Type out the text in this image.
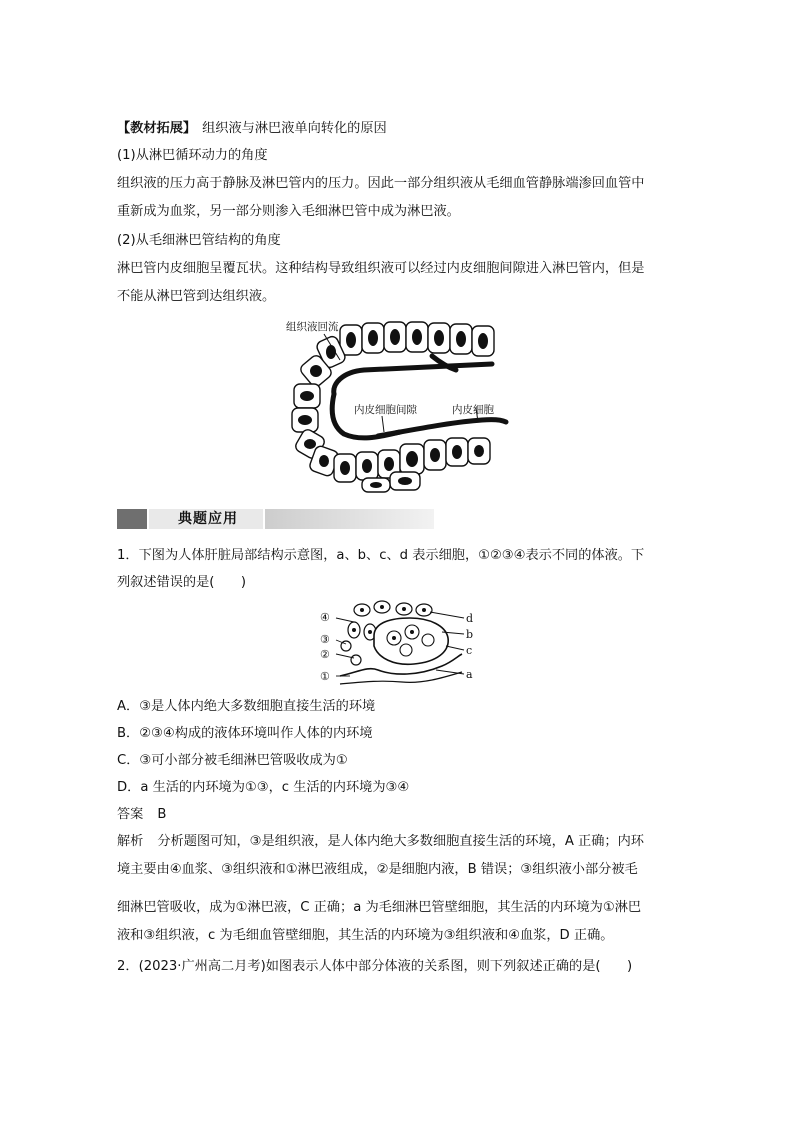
【教材拓展】 组织液与淋巴液单向转化的原因
(1)从淋巴循环动力的角度
组织液的压力高于静脉及淋巴管内的压力。因此一部分组织液从毛细血管静脉端渗回血管中
重新成为血浆，另一部分则渗入毛细淋巴管中成为淋巴液。
(2)从毛细淋巴管结构的角度
淋巴管内皮细胞呈覆瓦状。这种结构导致组织液可以经过内皮细胞间隙进入淋巴管内，但是
不能从淋巴管到达组织液。
组织液回流
内皮细胞间隙	内皮细胞
典题应用
1．下图为人体肝脏局部结构示意图，a、b、c、d 表示细胞，①②③④表示不同的体液。下
列叙述错误的是(　　)
④
③
②
①
d
b
c
a
A．③是人体内绝大多数细胞直接生活的环境
B．②③④构成的液体环境叫作人体的内环境
C．③可小部分被毛细淋巴管吸收成为①
D．a 生活的内环境为①③，c 生活的内环境为③④
答案 B
解析 分析题图可知，③是组织液，是人体内绝大多数细胞直接生活的环境，A 正确；内环
境主要由④血浆、③组织液和①淋巴液组成，②是细胞内液，B 错误；③组织液小部分被毛
细淋巴管吸收，成为①淋巴液，C 正确；a 为毛细淋巴管壁细胞，其生活的内环境为①淋巴
液和③组织液，c 为毛细血管壁细胞，其生活的内环境为③组织液和④血浆，D 正确。
2．(2023·广州高二月考)如图表示人体中部分体液的关系图，则下列叙述正确的是(　　)
